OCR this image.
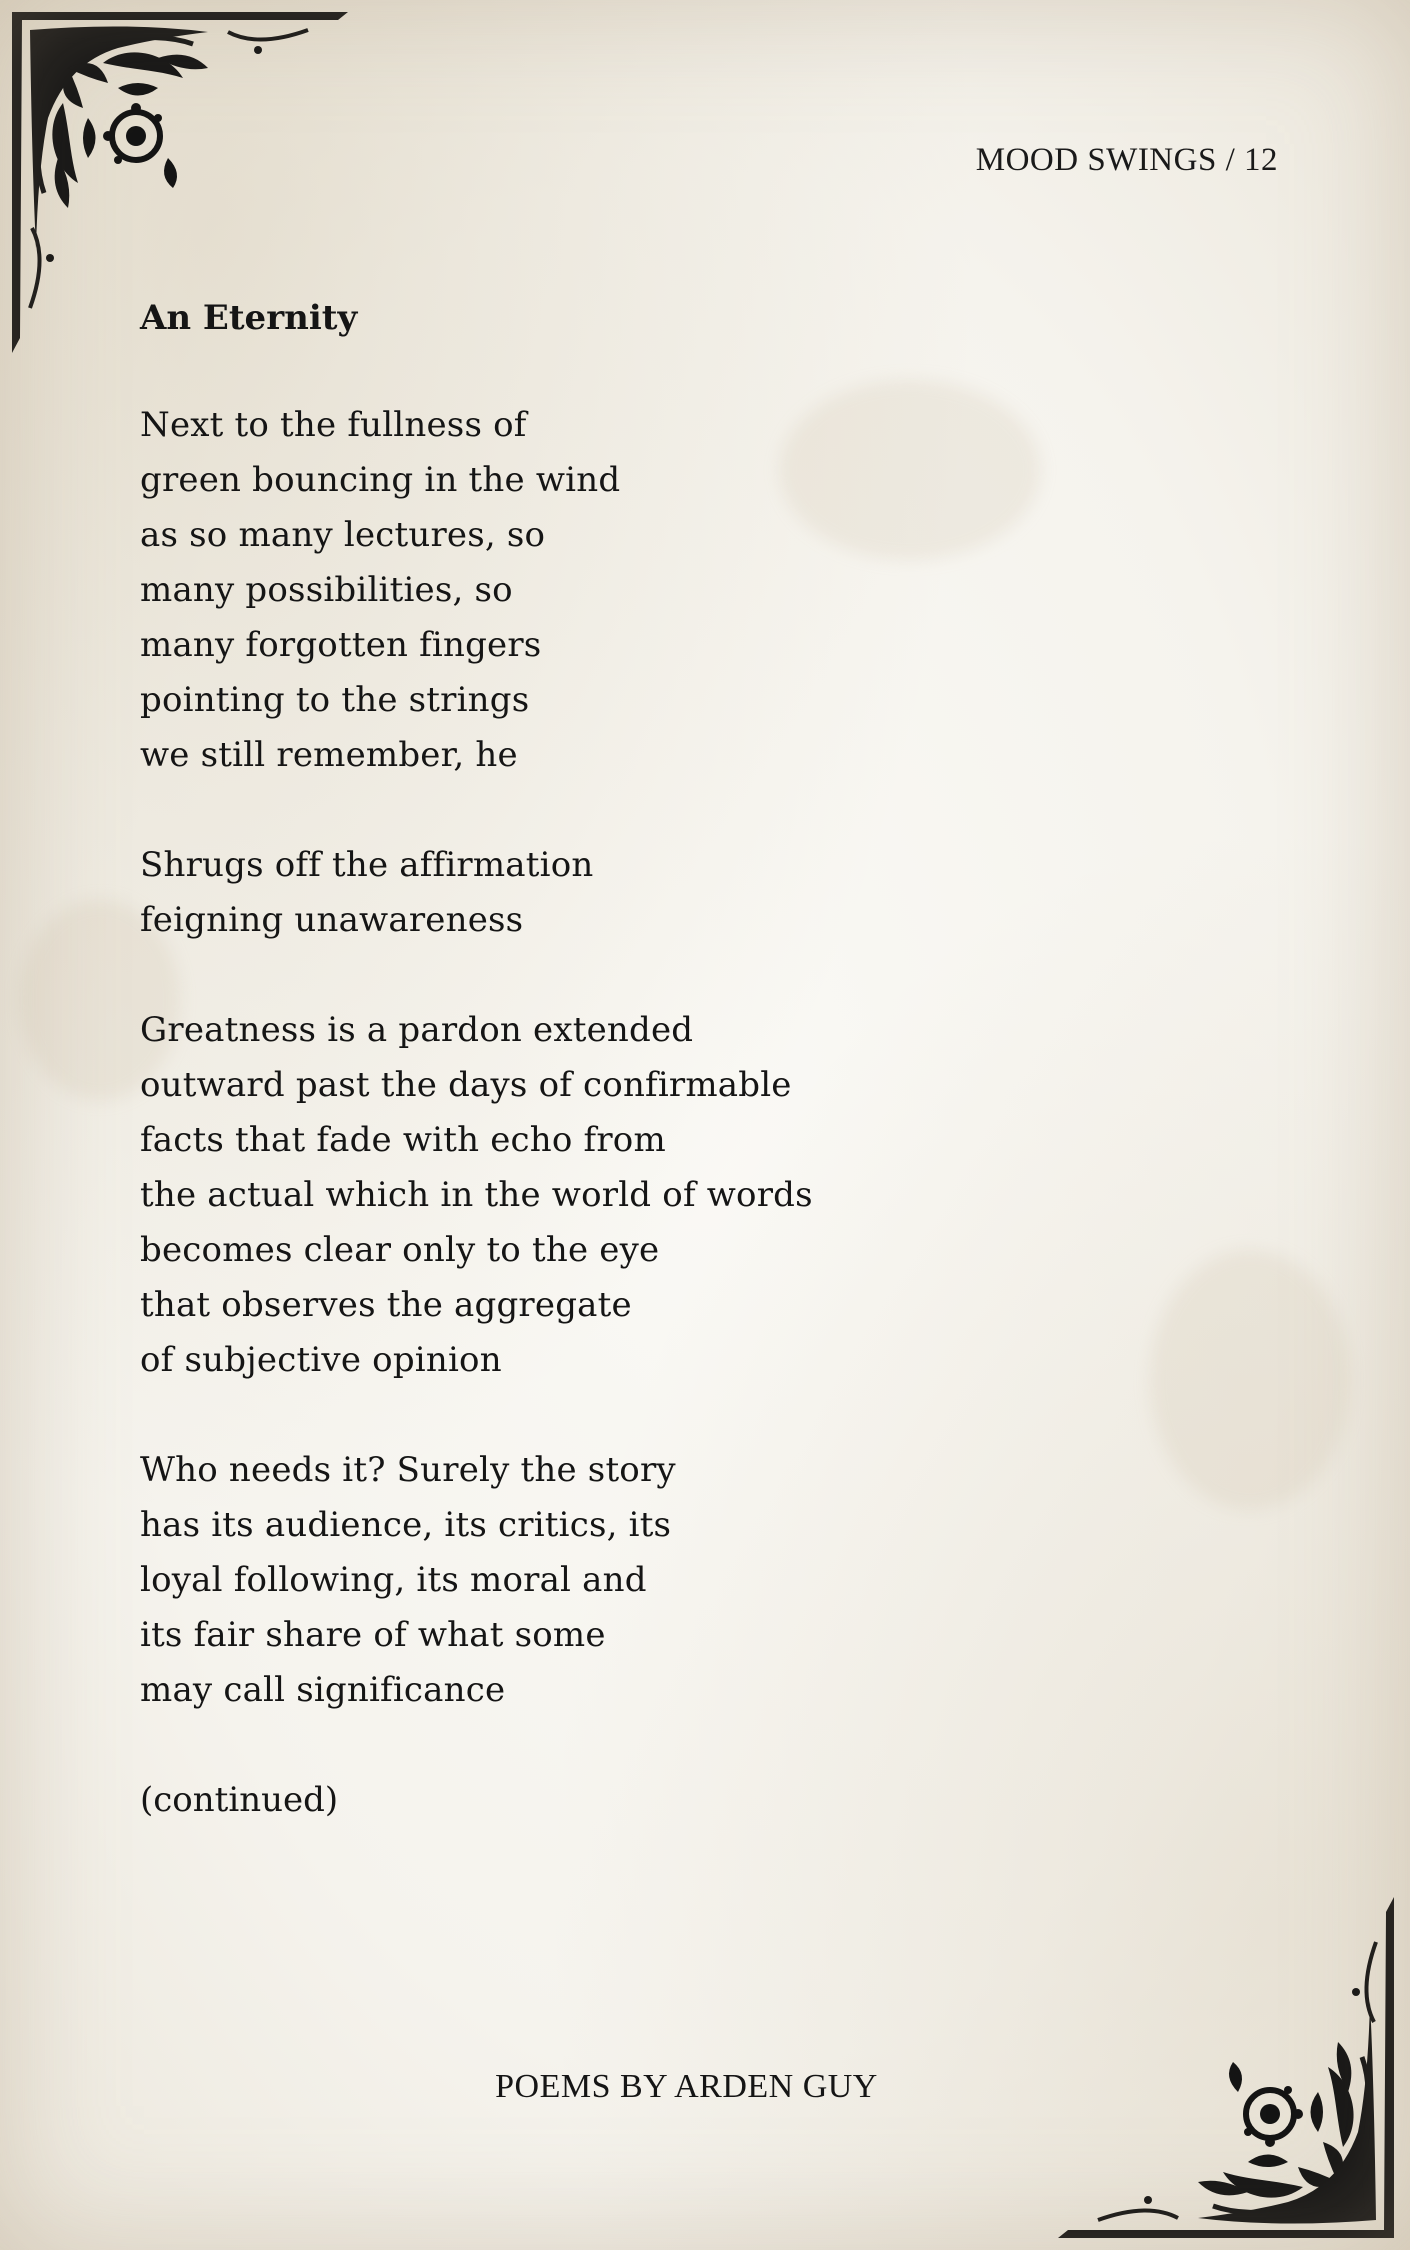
MOOD SWINGS / 12
An Eternity
Next to the fullness of
green bouncing in the wind
as so many lectures, so
many possibilities, so
many forgotten fingers
pointing to the strings
we still remember, he
Shrugs off the affirmation
feigning unawareness
Greatness is a pardon extended
outward past the days of confirmable
facts that fade with echo from
the actual which in the world of words
becomes clear only to the eye
that observes the aggregate
of subjective opinion
Who needs it? Surely the story
has its audience, its critics, its
loyal following, its moral and
its fair share of what some
may call significance
(continued)
POEMS BY ARDEN GUY
